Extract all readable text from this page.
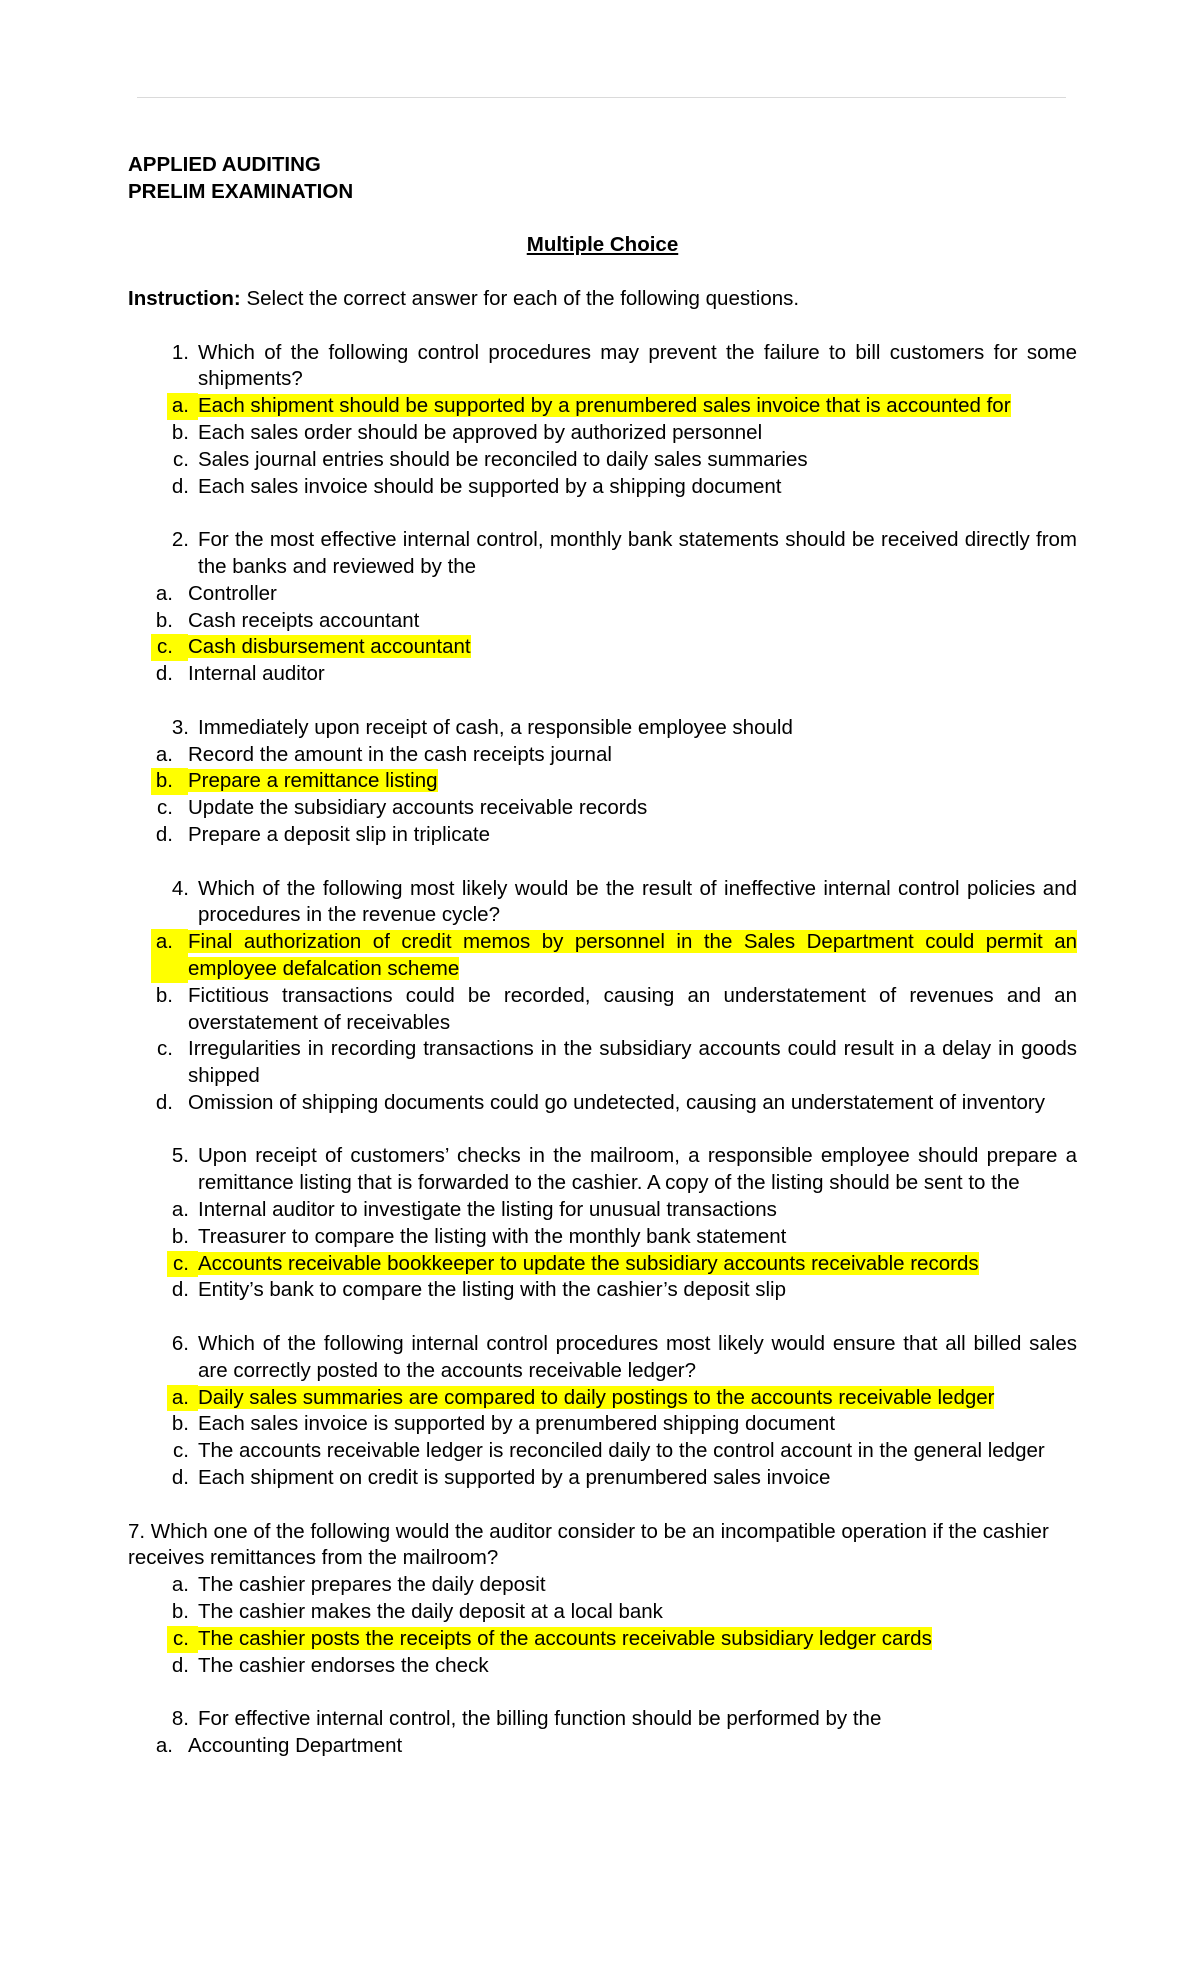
APPLIED AUDITING
PRELIM EXAMINATION
Multiple Choice
Instruction: Select the correct answer for each of the following questions.
1. Which of the following control procedures may prevent the failure to bill customers for some shipments?
a. Each shipment should be supported by a prenumbered sales invoice that is accounted for
b. Each sales order should be approved by authorized personnel
c. Sales journal entries should be reconciled to daily sales summaries
d. Each sales invoice should be supported by a shipping document
2. For the most effective internal control, monthly bank statements should be received directly from the banks and reviewed by the
a. Controller
b. Cash receipts accountant
c. Cash disbursement accountant
d. Internal auditor
3. Immediately upon receipt of cash, a responsible employee should
a. Record the amount in the cash receipts journal
b. Prepare a remittance listing
c. Update the subsidiary accounts receivable records
d. Prepare a deposit slip in triplicate
4. Which of the following most likely would be the result of ineffective internal control policies and procedures in the revenue cycle?
a. Final authorization of credit memos by personnel in the Sales Department could permit an employee defalcation scheme
b. Fictitious transactions could be recorded, causing an understatement of revenues and an overstatement of receivables
c. Irregularities in recording transactions in the subsidiary accounts could result in a delay in goods shipped
d. Omission of shipping documents could go undetected, causing an understatement of inventory
5. Upon receipt of customers’ checks in the mailroom, a responsible employee should prepare a remittance listing that is forwarded to the cashier. A copy of the listing should be sent to the
a. Internal auditor to investigate the listing for unusual transactions
b. Treasurer to compare the listing with the monthly bank statement
c. Accounts receivable bookkeeper to update the subsidiary accounts receivable records
d. Entity’s bank to compare the listing with the cashier’s deposit slip
6. Which of the following internal control procedures most likely would ensure that all billed sales are correctly posted to the accounts receivable ledger?
a. Daily sales summaries are compared to daily postings to the accounts receivable ledger
b. Each sales invoice is supported by a prenumbered shipping document
c. The accounts receivable ledger is reconciled daily to the control account in the general ledger
d. Each shipment on credit is supported by a prenumbered sales invoice
7. Which one of the following would the auditor consider to be an incompatible operation if the cashier
receives remittances from the mailroom?
a. The cashier prepares the daily deposit
b. The cashier makes the daily deposit at a local bank
c. The cashier posts the receipts of the accounts receivable subsidiary ledger cards
d. The cashier endorses the check
8. For effective internal control, the billing function should be performed by the
a. Accounting Department
